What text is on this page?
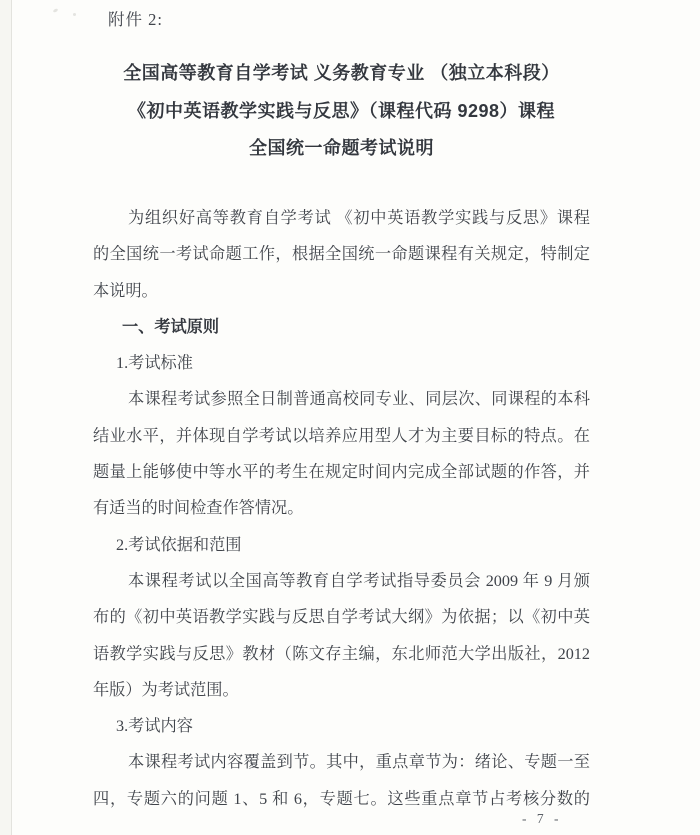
附件 2:
全国高等教育自学考试 义务教育专业 （独立本科段）
《初中英语教学实践与反思》（课程代码 9298）课程
全国统一命题考试说明
为组织好高等教育自学考试 《初中英语教学实践与反思》课程
的全国统一考试命题工作，根据全国统一命题课程有关规定，特制定
本说明。
一、考试原则
1.考试标准
本课程考试参照全日制普通高校同专业、同层次、同课程的本科
结业水平，并体现自学考试以培养应用型人才为主要目标的特点。在
题量上能够使中等水平的考生在规定时间内完成全部试题的作答，并
有适当的时间检查作答情况。
2.考试依据和范围
本课程考试以全国高等教育自学考试指导委员会 2009 年 9 月颁
布的《初中英语教学实践与反思自学考试大纲》为依据；以《初中英
语教学实践与反思》教材（陈文存主编，东北师范大学出版社，2012
年版）为考试范围。
3.考试内容
本课程考试内容覆盖到节。其中，重点章节为：绪论、专题一至
四，专题六的问题 1、5 和 6，专题七。这些重点章节占考核分数的
- 7 -
